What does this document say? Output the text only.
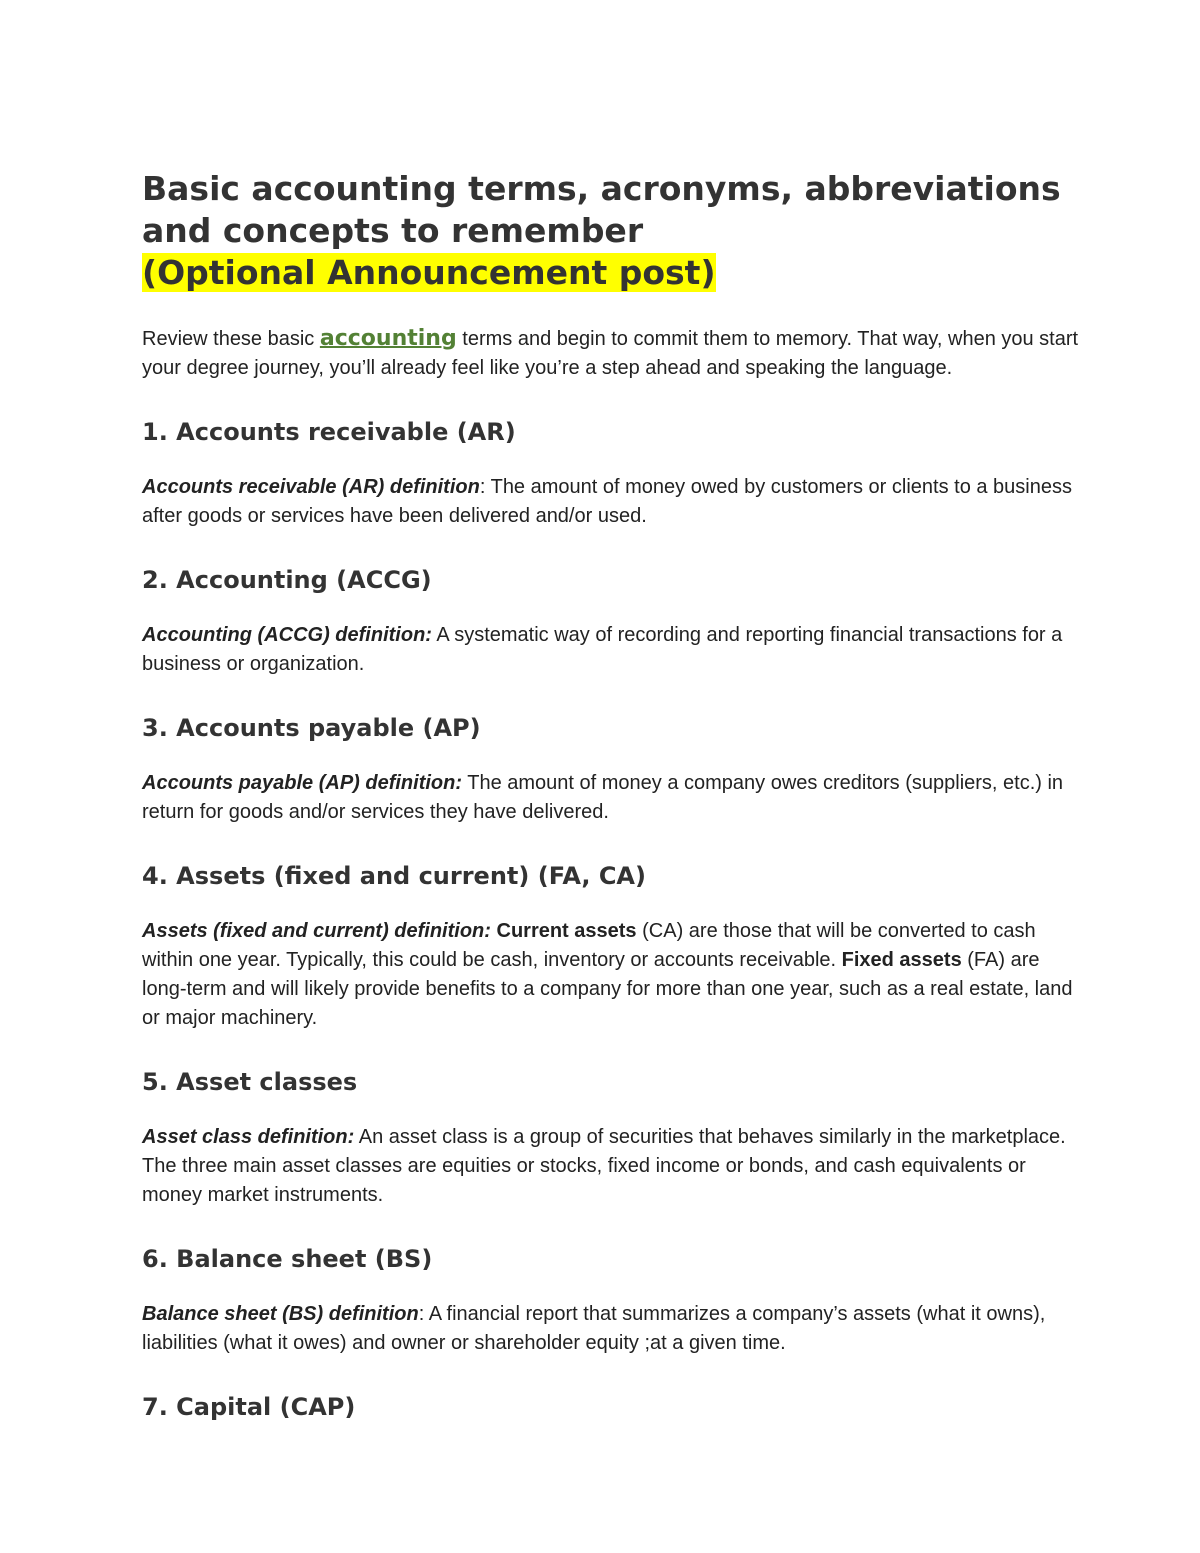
Basic accounting terms, acronyms, abbreviations and concepts to remember
(Optional Announcement post)

Review these basic accounting terms and begin to commit them to memory. That way, when you start your degree journey, you’ll already feel like you’re a step ahead and speaking the language.

1. Accounts receivable (AR)

Accounts receivable (AR) definition: The amount of money owed by customers or clients to a business after goods or services have been delivered and/or used.

2. Accounting (ACCG)

Accounting (ACCG) definition: A systematic way of recording and reporting financial transactions for a business or organization.

3. Accounts payable (AP)

Accounts payable (AP) definition: The amount of money a company owes creditors (suppliers, etc.) in return for goods and/or services they have delivered.

4. Assets (fixed and current) (FA, CA)

Assets (fixed and current) definition: Current assets (CA) are those that will be converted to cash within one year. Typically, this could be cash, inventory or accounts receivable. Fixed assets (FA) are long-term and will likely provide benefits to a company for more than one year, such as a real estate, land or major machinery.

5. Asset classes

Asset class definition: An asset class is a group of securities that behaves similarly in the marketplace. The three main asset classes are equities or stocks, fixed income or bonds, and cash equivalents or money market instruments.

6. Balance sheet (BS)

Balance sheet (BS) definition: A financial report that summarizes a company’s assets (what it owns), liabilities (what it owes) and owner or shareholder equity ;at a given time.

7. Capital (CAP)
